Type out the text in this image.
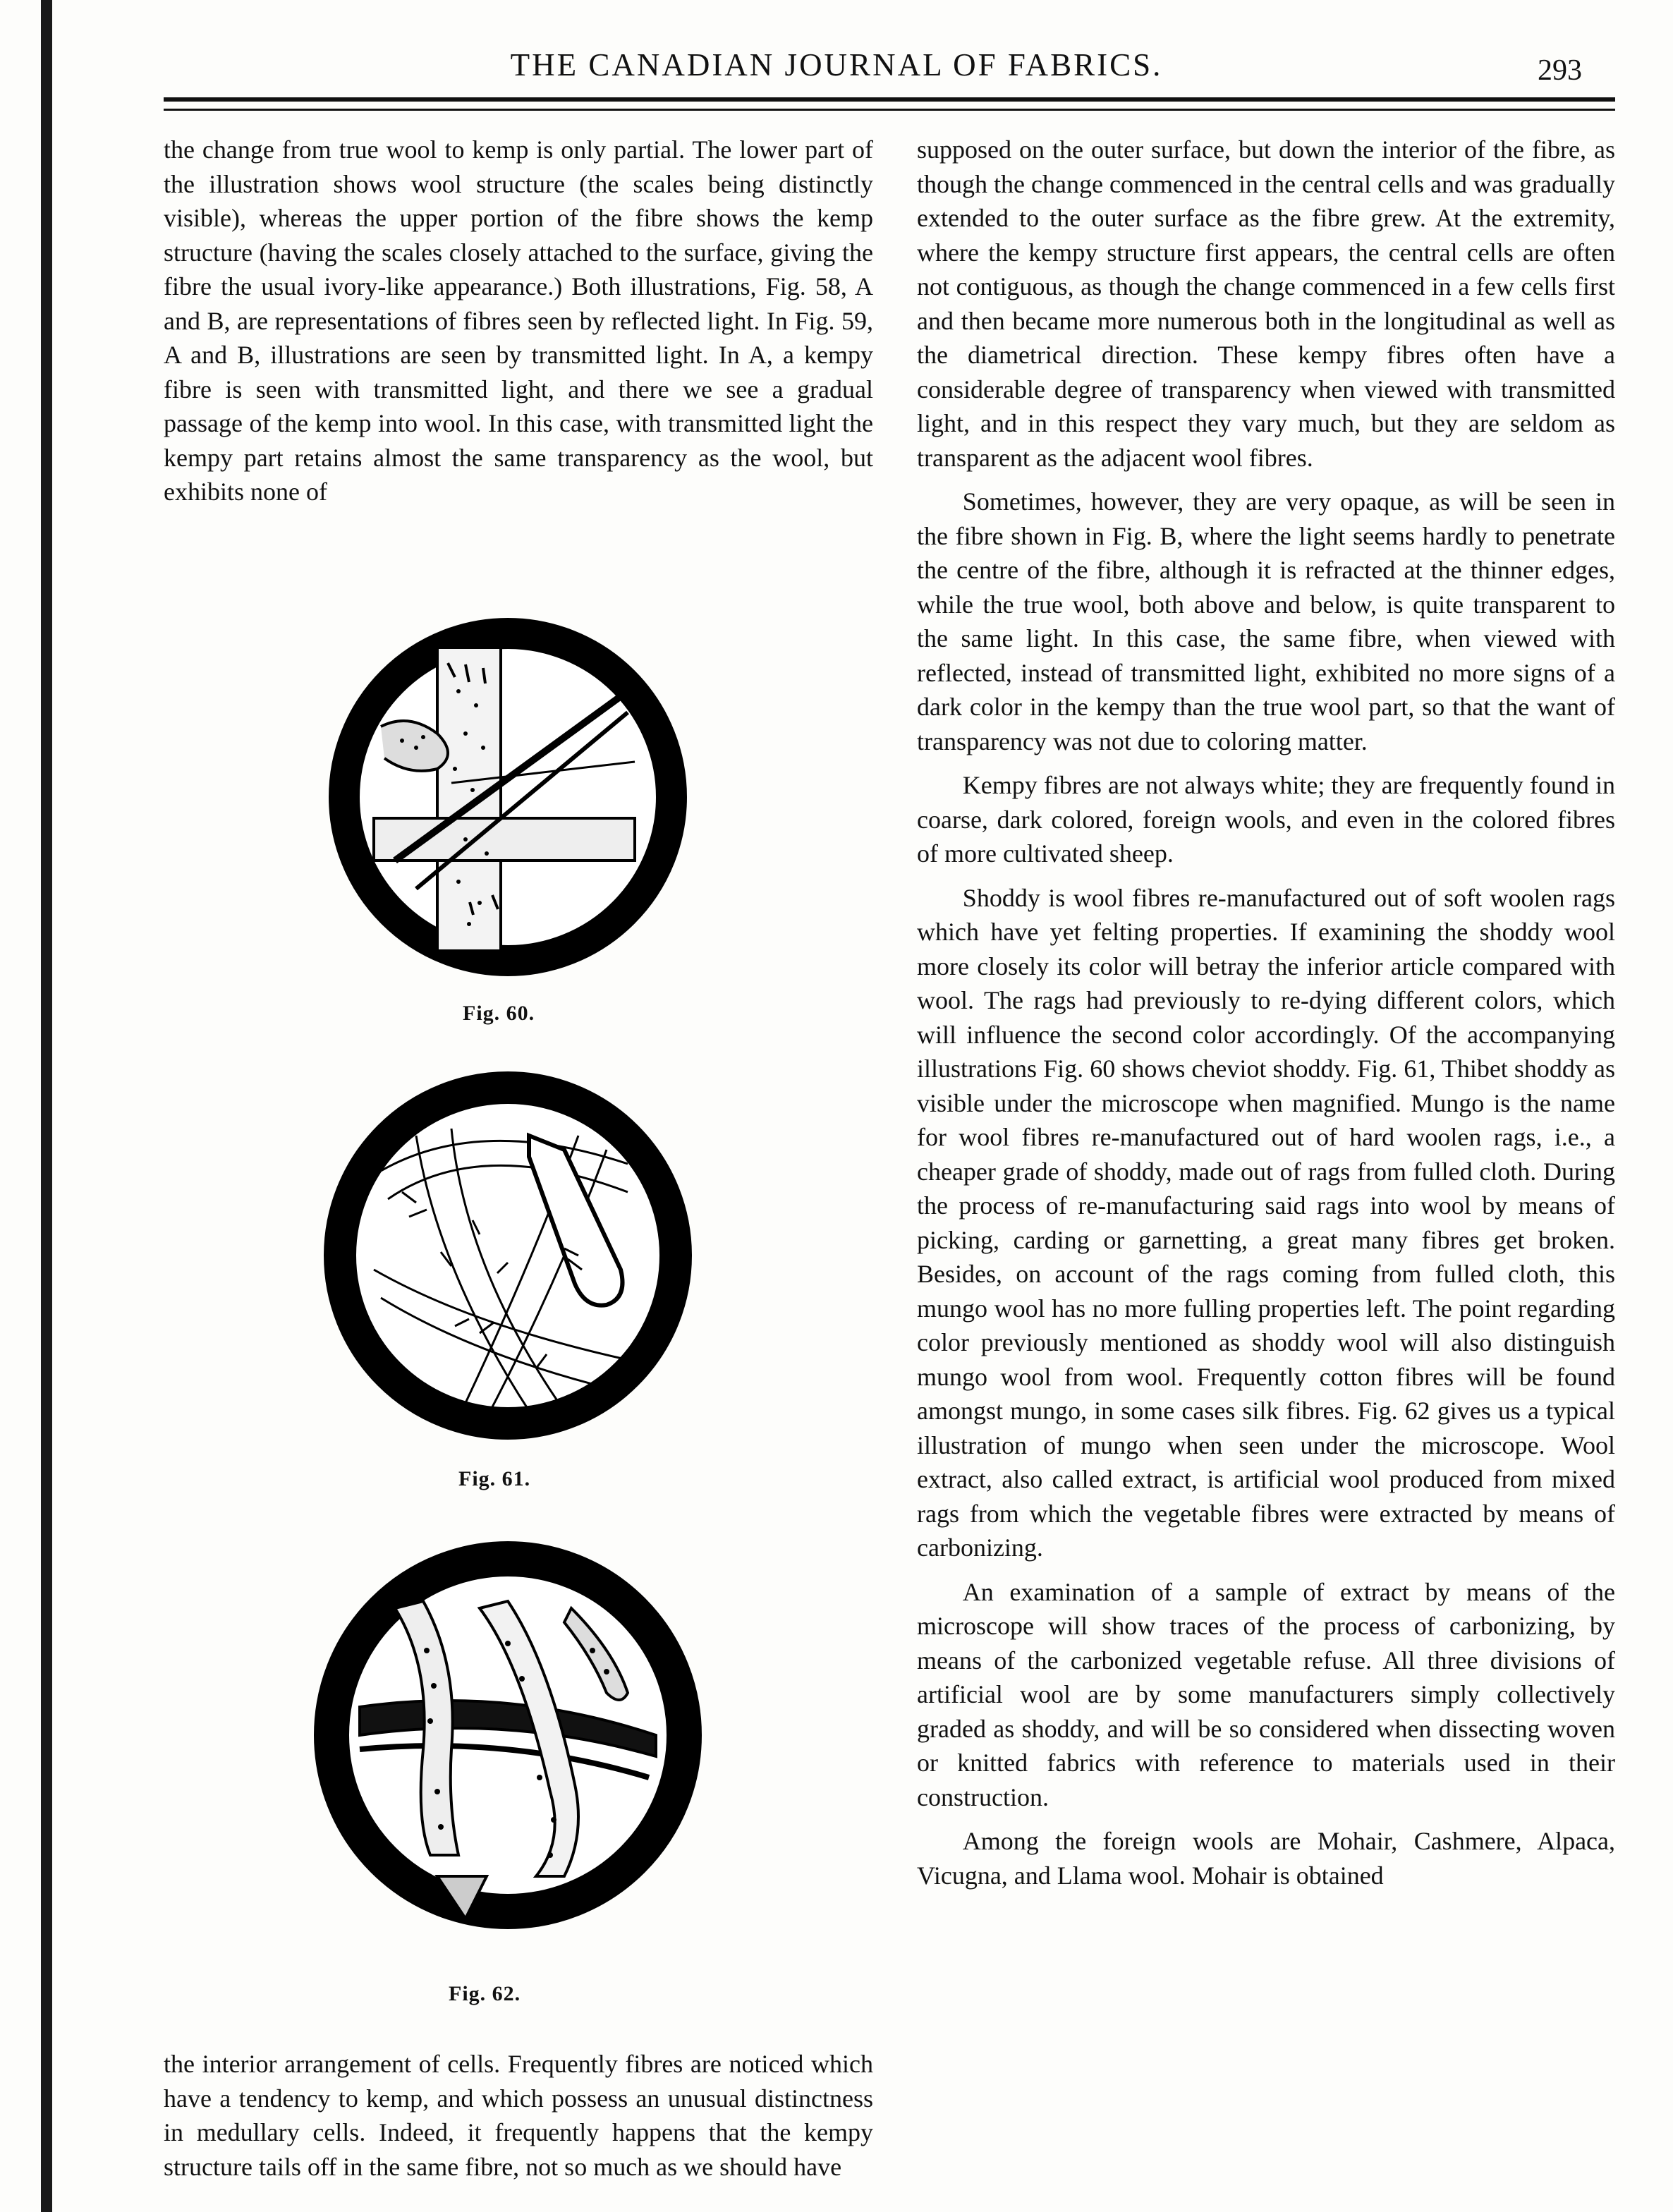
THE CANADIAN JOURNAL OF FABRICS.	293

the change from true wool to kemp is only partial. The lower part of the illustration shows wool structure (the scales being distinctly visible), whereas the upper portion of the fibre shows the kemp structure (having the scales closely attached to the surface, giving the fibre the usual ivory-like appearance.) Both illustrations, Fig. 58, A and B, are representations of fibres seen by reflected light. In Fig. 59, A and B, illustrations are seen by transmitted light. In A, a kempy fibre is seen with transmitted light, and there we see a gradual passage of the kemp into wool. In this case, with transmitted light the kempy part retains almost the same transparency as the wool, but exhibits none of

Fig. 60.
Fig. 61.
Fig. 62.

the interior arrangement of cells. Frequently fibres are noticed which have a tendency to kemp, and which possess an unusual distinctness in medullary cells. Indeed, it frequently happens that the kempy structure tails off in the same fibre, not so much as we should have

supposed on the outer surface, but down the interior of the fibre, as though the change commenced in the central cells and was gradually extended to the outer surface as the fibre grew. At the extremity, where the kempy structure first appears, the central cells are often not contiguous, as though the change commenced in a few cells first and then became more numerous both in the longitudinal as well as the diametrical direction. These kempy fibres often have a considerable degree of transparency when viewed with transmitted light, and in this respect they vary much, but they are seldom as transparent as the adjacent wool fibres.

Sometimes, however, they are very opaque, as will be seen in the fibre shown in Fig. B, where the light seems hardly to penetrate the centre of the fibre, although it is refracted at the thinner edges, while the true wool, both above and below, is quite transparent to the same light. In this case, the same fibre, when viewed with reflected, instead of transmitted light, exhibited no more signs of a dark color in the kempy than the true wool part, so that the want of transparency was not due to coloring matter.

Kempy fibres are not always white; they are frequently found in coarse, dark colored, foreign wools, and even in the colored fibres of more cultivated sheep.

Shoddy is wool fibres re-manufactured out of soft woolen rags which have yet felting properties. If examining the shoddy wool more closely its color will betray the inferior article compared with wool. The rags had previously to re-dying different colors, which will influence the second color accordingly. Of the accompanying illustrations Fig. 60 shows cheviot shoddy. Fig. 61, Thibet shoddy as visible under the microscope when magnified. Mungo is the name for wool fibres re-manufactured out of hard woolen rags, i.e., a cheaper grade of shoddy, made out of rags from fulled cloth. During the process of re-manufacturing said rags into wool by means of picking, carding or garnetting, a great many fibres get broken. Besides, on account of the rags coming from fulled cloth, this mungo wool has no more fulling properties left. The point regarding color previously mentioned as shoddy wool will also distinguish mungo wool from wool. Frequently cotton fibres will be found amongst mungo, in some cases silk fibres. Fig. 62 gives us a typical illustration of mungo when seen under the microscope. Wool extract, also called extract, is artificial wool produced from mixed rags from which the vegetable fibres were extracted by means of carbonizing.

An examination of a sample of extract by means of the microscope will show traces of the process of carbonizing, by means of the carbonized vegetable refuse. All three divisions of artificial wool are by some manufacturers simply collectively graded as shoddy, and will be so considered when dissecting woven or knitted fabrics with reference to materials used in their construction.

Among the foreign wools are Mohair, Cashmere, Alpaca, Vicugna, and Llama wool. Mohair is obtained
